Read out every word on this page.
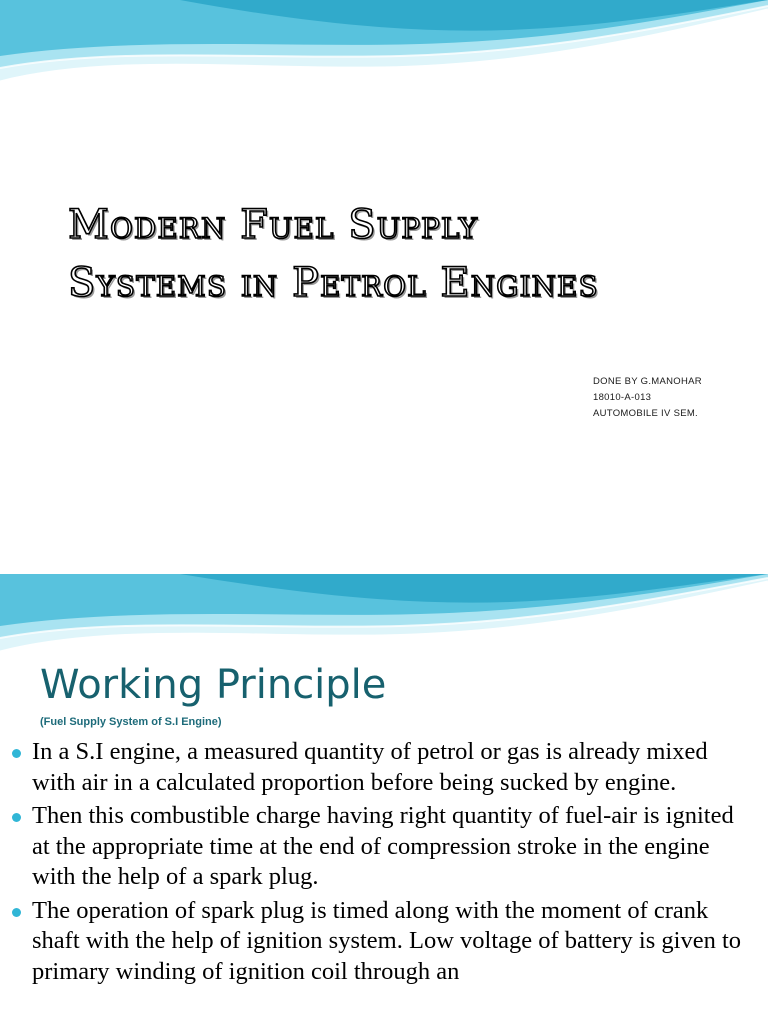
Modern Fuel Supply
Systems in Petrol Engines
DONE BY G.MANOHAR
18010-A-013
AUTOMOBILE IV SEM.
Working Principle
(Fuel Supply System of S.I Engine)
In a S.I engine, a measured quantity of petrol or gas is already mixed with air in a calculated proportion before being sucked by engine.
Then this combustible charge having right quantity of fuel-air is ignited at the appropriate time at the end of compression stroke in the engine with the help of a spark plug.
The operation of spark plug is timed along with the moment of crank shaft with the help of ignition system. Low voltage of battery is given to primary winding of ignition coil through an
